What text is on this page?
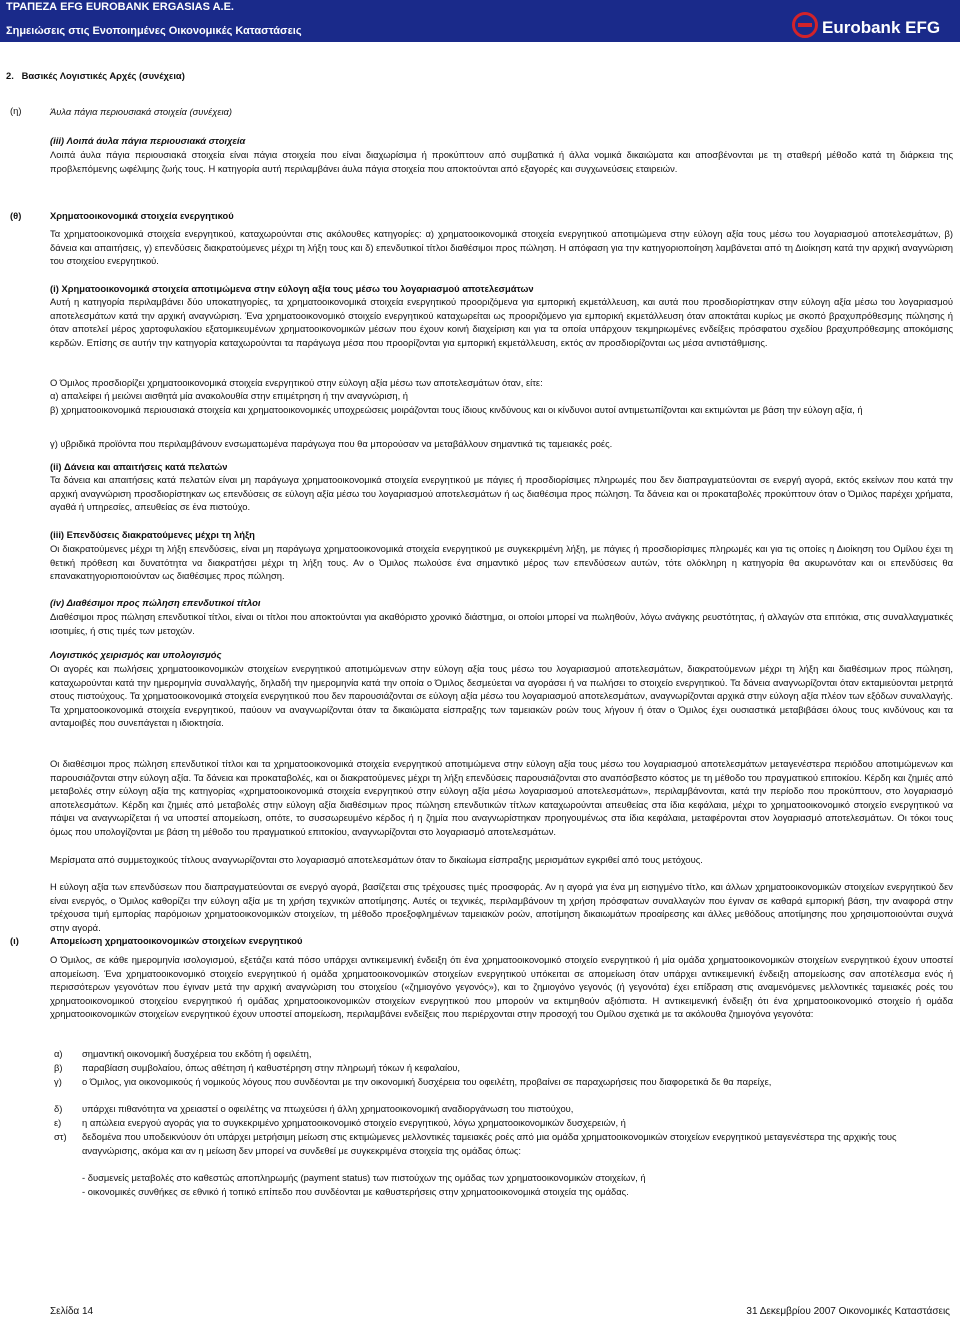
ΤΡΑΠΕΖΑ EFG EUROBANK ERGASIAS A.E.
Σημειώσεις στις Ενοποιημένες Οικονομικές Καταστάσεις	Eurobank EFG
2.   Βασικές Λογιστικές Αρχές (συνέχεια)
(η)	Άυλα πάγια περιουσιακά στοιχεία (συνέχεια)
(iii) Λοιπά άυλα πάγια περιουσιακά στοιχεία
Λοιπά άυλα πάγια περιουσιακά στοιχεία είναι πάγια στοιχεία που είναι διαχωρίσιμα ή προκύπτουν από συμβατικά ή άλλα νομικά δικαιώματα και αποσβένονται με τη σταθερή μέθοδο κατά τη διάρκεια της προβλεπόμενης ωφέλιμης ζωής τους. Η κατηγορία αυτή περιλαμβάνει άυλα πάγια στοιχεία που αποκτούνται από εξαγορές και συγχωνεύσεις εταιρειών.
(θ)	Χρηματοοικονομικά στοιχεία ενεργητικού
Τα χρηματοοικονομικά στοιχεία ενεργητικού, καταχωρούνται στις ακόλουθες κατηγορίες: α) χρηματοοικονομικά στοιχεία ενεργητικού αποτιμώμενα στην εύλογη αξία τους μέσω του λογαριασμού αποτελεσμάτων, β) δάνεια και απαιτήσεις, γ) επενδύσεις διακρατούμενες μέχρι τη λήξη τους και δ) επενδυτικοί τίτλοι διαθέσιμοι προς πώληση. Η απόφαση για την κατηγοριοποίηση λαμβάνεται από τη Διοίκηση κατά την αρχική αναγνώριση του στοιχείου ενεργητικού.
(i) Χρηματοοικονομικά στοιχεία αποτιμώμενα στην εύλογη αξία τους μέσω του λογαριασμού αποτελεσμάτων
Αυτή η κατηγορία περιλαμβάνει δύο υποκατηγορίες, τα χρηματοοικονομικά στοιχεία ενεργητικού προοριζόμενα για εμπορική εκμετάλλευση, και αυτά που προσδιορίστηκαν στην εύλογη αξία μέσω του λογαριασμού αποτελεσμάτων κατά την αρχική αναγνώριση. Ένα χρηματοοικονομικό στοιχείο ενεργητικού καταχωρείται ως προοριζόμενο για εμπορική εκμετάλλευση όταν αποκτάται κυρίως με σκοπό βραχυπρόθεσμης πώλησης ή όταν αποτελεί μέρος χαρτοφυλακίου εξατομικευμένων χρηματοοικονομικών μέσων που έχουν κοινή διαχείριση και για τα οποία υπάρχουν τεκμηριωμένες ενδείξεις πρόσφατου σχεδίου βραχυπρόθεσμης αποκόμισης κερδών. Επίσης σε αυτήν την κατηγορία καταχωρούνται τα παράγωγα μέσα που προορίζονται για εμπορική εκμετάλλευση, εκτός αν προσδιορίζονται ως μέσα αντιστάθμισης.
Ο Όμιλος προσδιορίζει χρηματοοικονομικά στοιχεία ενεργητικού στην εύλογη αξία μέσω των αποτελεσμάτων όταν, είτε:
α) απαλείφει ή μειώνει αισθητά μία ανακολουθία στην επιμέτρηση ή την αναγνώριση, ή
β) χρηματοοικονομικά περιουσιακά στοιχεία και χρηματοοικονομικές υποχρεώσεις μοιράζονται τους ίδιους κινδύνους και οι κίνδυνοι αυτοί αντιμετωπίζονται και εκτιμώνται με βάση την εύλογη αξία, ή
γ) υβριδικά προϊόντα που περιλαμβάνουν ενσωματωμένα παράγωγα που θα μπορούσαν να μεταβάλλουν σημαντικά τις ταμειακές ροές.
(ii) Δάνεια και απαιτήσεις κατά πελατών
Τα δάνεια και απαιτήσεις κατά πελατών είναι μη παράγωγα χρηματοοικονομικά στοιχεία ενεργητικού με πάγιες ή προσδιορίσιμες πληρωμές που δεν διαπραγματεύονται σε ενεργή αγορά, εκτός εκείνων που κατά την αρχική αναγνώριση προσδιορίστηκαν ως επενδύσεις σε εύλογη αξία μέσω του λογαριασμού αποτελεσμάτων ή ως διαθέσιμα προς πώληση. Τα δάνεια και οι προκαταβολές προκύπτουν όταν ο Όμιλος παρέχει χρήματα, αγαθά ή υπηρεσίες, απευθείας σε ένα πιστούχο.
(iii) Επενδύσεις διακρατούμενες μέχρι τη λήξη
Οι διακρατούμενες μέχρι τη λήξη επενδύσεις, είναι μη παράγωγα χρηματοοικονομικά στοιχεία ενεργητικού με συγκεκριμένη λήξη, με πάγιες ή προσδιορίσιμες πληρωμές και για τις οποίες η Διοίκηση του Ομίλου έχει τη θετική πρόθεση και δυνατότητα να διακρατήσει μέχρι τη λήξη τους. Αν ο Όμιλος πωλούσε ένα σημαντικό μέρος των επενδύσεων αυτών, τότε ολόκληρη η κατηγορία θα ακυρωνόταν και οι επενδύσεις θα επανακατηγοριοποιούνταν ως διαθέσιμες προς πώληση.
(iv) Διαθέσιμοι προς πώληση επενδυτικοί τίτλοι
Διαθέσιμοι προς πώληση επενδυτικοί τίτλοι, είναι οι τίτλοι που αποκτούνται για ακαθόριστο χρονικό διάστημα, οι οποίοι μπορεί να πωληθούν, λόγω ανάγκης ρευστότητας, ή αλλαγών στα επιτόκια, στις συναλλαγματικές ισοτιμίες, ή στις τιμές των μετοχών.
Λογιστικός χειρισμός και υπολογισμός
Οι αγορές και πωλήσεις χρηματοοικονομικών στοιχείων ενεργητικού αποτιμώμενων στην εύλογη αξία τους μέσω του λογαριασμού αποτελεσμάτων, διακρατούμενων μέχρι τη λήξη και διαθέσιμων προς πώληση, καταχωρούνται κατά την ημερομηνία συναλλαγής, δηλαδή την ημερομηνία κατά την οποία ο Όμιλος δεσμεύεται να αγοράσει ή να πωλήσει το στοιχείο ενεργητικού. Τα δάνεια αναγνωρίζονται όταν εκταμιεύονται μετρητά στους πιστούχους. Τα χρηματοοικονομικά στοιχεία ενεργητικού που δεν παρουσιάζονται σε εύλογη αξία μέσω του λογαριασμού αποτελεσμάτων, αναγνωρίζονται αρχικά στην εύλογη αξία πλέον των εξόδων συναλλαγής. Τα χρηματοοικονομικά στοιχεία ενεργητικού, παύουν να αναγνωρίζονται όταν τα δικαιώματα είσπραξης των ταμειακών ροών τους λήγουν ή όταν ο Όμιλος έχει ουσιαστικά μεταβιβάσει όλους τους κινδύνους και τα ανταμοιβές που συνεπάγεται η ιδιοκτησία.
Οι διαθέσιμοι προς πώληση επενδυτικοί τίτλοι και τα χρηματοοικονομικά στοιχεία ενεργητικού αποτιμώμενα στην εύλογη αξία τους μέσω του λογαριασμού αποτελεσμάτων μεταγενέστερα περιόδου αποτιμώμενων και παρουσιάζονται στην εύλογη αξία. Τα δάνεια και προκαταβολές, και οι διακρατούμενες μέχρι τη λήξη επενδύσεις παρουσιάζονται στο αναπόσβεστο κόστος με τη μέθοδο του πραγματικού επιτοκίου. Κέρδη και ζημιές από μεταβολές στην εύλογη αξία της κατηγορίας «χρηματοοικονομικά στοιχεία ενεργητικού στην εύλογη αξία μέσω λογαριασμού αποτελεσμάτων», περιλαμβάνονται, κατά την περίοδο που προκύπτουν, στο λογαριασμό αποτελεσμάτων. Κέρδη και ζημιές από μεταβολές στην εύλογη αξία διαθέσιμων προς πώληση επενδυτικών τίτλων καταχωρούνται απευθείας στα ίδια κεφάλαια, μέχρι το χρηματοοικονομικό στοιχείο ενεργητικού να πάψει να αναγνωρίζεται ή να υποστεί απομείωση, οπότε, το συσσωρευμένο κέρδος ή η ζημία που αναγνωρίστηκαν προηγουμένως στα ίδια κεφάλαια, μεταφέρονται στον λογαριασμό αποτελεσμάτων. Οι τόκοι τους όμως που υπολογίζονται με βάση τη μέθοδο του πραγματικού επιτοκίου, αναγνωρίζονται στο λογαριασμό αποτελεσμάτων.
Μερίσματα από συμμετοχικούς τίτλους αναγνωρίζονται στο λογαριασμό αποτελεσμάτων όταν το δικαίωμα είσπραξης μερισμάτων εγκριθεί από τους μετόχους.
Η εύλογη αξία των επενδύσεων που διαπραγματεύονται σε ενεργό αγορά, βασίζεται στις τρέχουσες τιμές προσφοράς. Αν η αγορά για ένα μη εισηγμένο τίτλο, και άλλων χρηματοοικονομικών στοιχείων ενεργητικού δεν είναι ενεργός, ο Όμιλος καθορίζει την εύλογη αξία με τη χρήση τεχνικών αποτίμησης. Αυτές οι τεχνικές, περιλαμβάνουν τη χρήση πρόσφατων συναλλαγών που έγιναν σε καθαρά εμπορική βάση, την αναφορά στην τρέχουσα τιμή εμπορίας παρόμοιων χρηματοοικονομικών στοιχείων, τη μέθοδο προεξοφλημένων ταμειακών ροών, αποτίμηση δικαιωμάτων προαίρεσης και άλλες μεθόδους αποτίμησης που χρησιμοποιούνται συχνά στην αγορά.
(ι)	Απομείωση χρηματοοικονομικών στοιχείων ενεργητικού
Ο Όμιλος, σε κάθε ημερομηνία ισολογισμού, εξετάζει κατά πόσο υπάρχει αντικειμενική ένδειξη ότι ένα χρηματοοικονομικό στοιχείο ενεργητικού ή μία ομάδα χρηματοοικονομικών στοιχείων ενεργητικού έχουν υποστεί απομείωση. Ένα χρηματοοικονομικό στοιχείο ενεργητικού ή ομάδα χρηματοοικονομικών στοιχείων ενεργητικού υπόκειται σε απομείωση όταν υπάρχει αντικειμενική ένδειξη απομείωσης σαν αποτέλεσμα ενός ή περισσότερων γεγονότων που έγιναν μετά την αρχική αναγνώριση του στοιχείου («ζημιογόνο γεγονός»), και το ζημιογόνο γεγονός (ή γεγονότα) έχει επίδραση στις αναμενόμενες μελλοντικές ταμειακές ροές του χρηματοοικονομικού στοιχείου ενεργητικού ή ομάδας χρηματοοικονομικών στοιχείων ενεργητικού που μπορούν να εκτιμηθούν αξιόπιστα. Η αντικειμενική ένδειξη ότι ένα χρηματοοικονομικό στοιχείο ή ομάδα χρηματοοικονομικών στοιχείων ενεργητικού έχουν υποστεί απομείωση, περιλαμβάνει ενδείξεις που περιέρχονται στην προσοχή του Ομίλου σχετικά με τα ακόλουθα ζημιογόνα γεγονότα:
α) σημαντική οικονομική δυσχέρεια του εκδότη ή οφειλέτη,
β) παραβίαση συμβολαίου, όπως αθέτηση ή καθυστέρηση στην πληρωμή τόκων ή κεφαλαίου,
γ) ο Όμιλος, για οικονομικούς ή νομικούς λόγους που συνδέονται με την οικονομική δυσχέρεια του οφειλέτη, προβαίνει σε παραχωρήσεις που διαφορετικά δε θα παρείχε,
δ) υπάρχει πιθανότητα να χρειαστεί ο οφειλέτης να πτωχεύσει ή άλλη χρηματοοικονομική αναδιοργάνωση του πιστούχου,
ε) η απώλεια ενεργού αγοράς για το συγκεκριμένο χρηματοοικονομικό στοιχείο ενεργητικού, λόγω χρηματοοικονομικών δυσχερειών, ή
στ) δεδομένα που υποδεικνύουν ότι υπάρχει μετρήσιμη μείωση στις εκτιμώμενες μελλοντικές ταμειακές ροές από μια ομάδα χρηματοοικονομικών στοιχείων ενεργητικού μεταγενέστερα της αρχικής τους αναγνώρισης, ακόμα και αν η μείωση δεν μπορεί να συνδεθεί με συγκεκριμένα στοιχεία της ομάδας όπως:
- δυσμενείς μεταβολές στο καθεστώς αποπληρωμής (payment status) των πιστούχων της ομάδας των χρηματοοικονομικών στοιχείων, ή
- οικονομικές συνθήκες σε εθνικό ή τοπικό επίπεδο που συνδέονται με καθυστερήσεις στην χρηματοοικονομικά στοιχεία της ομάδας.
Σελίδα 14	31 Δεκεμβρίου 2007 Οικονομικές Καταστάσεις
